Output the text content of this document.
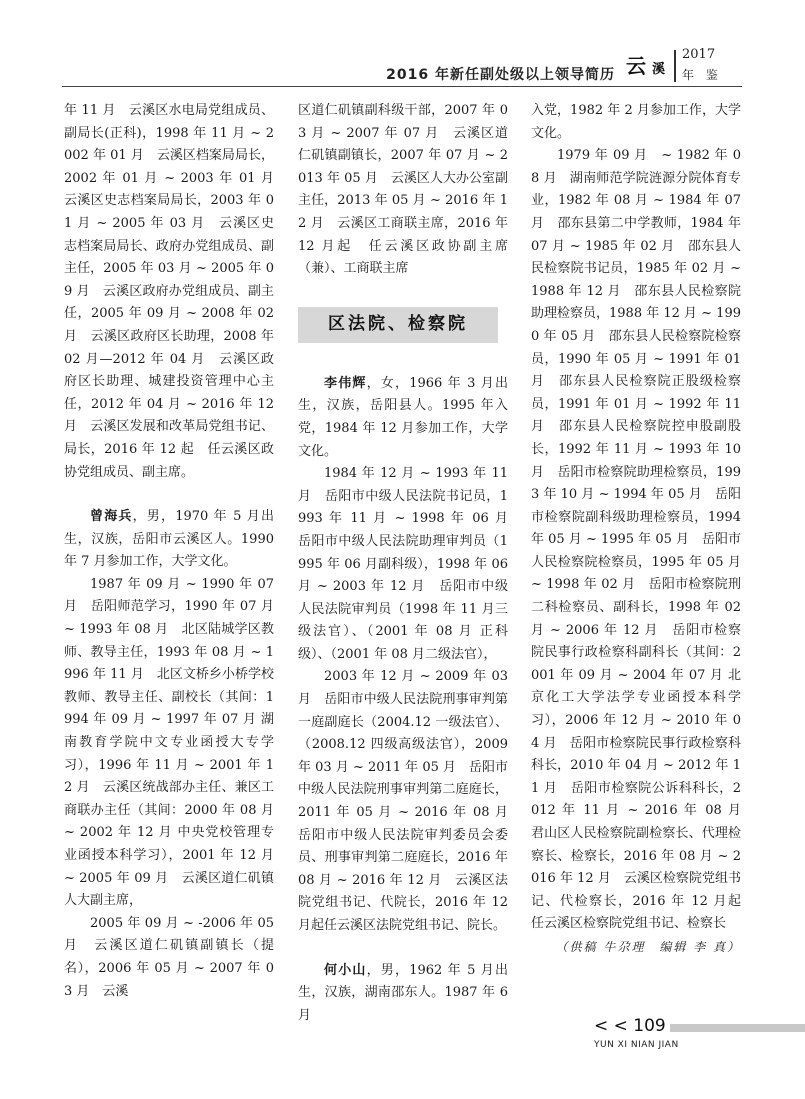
2016 年新任副处级以上领导简历 云 溪
2017
年 鉴

年 11 月　云溪区水电局党组成员、副局长(正科)，1998 年 11 月 ~ 2002 年 01 月　云溪区档案局局长，2002 年 01 月 ~ 2003 年 01 月　云溪区史志档案局局长，2003 年 01 月 ~ 2005 年 03 月　云溪区史志档案局局长、政府办党组成员、副主任，2005 年 03 月 ~ 2005 年 09 月　云溪区政府办党组成员、副主任，2005 年 09 月 ~ 2008 年 02 月　云溪区政府区长助理，2008 年 02 月—2012 年 04 月　云溪区政府区长助理、城建投资管理中心主任，2012 年 04 月 ~ 2016 年 12 月　云溪区发展和改革局党组书记、局长，2016 年 12 起　任云溪区政协党组成员、副主席。

曾海兵，男，1970 年 5 月出生，汉族，岳阳市云溪区人。1990 年 7 月参加工作，大学文化。

1987 年 09 月 ~ 1990 年 07 月　岳阳师范学习，1990 年 07 月 ~ 1993 年 08 月　北区陆城学区教师、教导主任，1993 年 08 月 ~ 1996 年 11 月　北区文桥乡小桥学校教师、教导主任、副校长（其间：1994 年 09 月 ~ 1997 年 07 月 湖南教育学院中文专业函授大专学习），1996 年 11 月 ~ 2001 年 12 月　云溪区统战部办主任、兼区工商联办主任（其间：2000 年 08 月 ~ 2002 年 12 月 中央党校管理专业函授本科学习），2001 年 12 月 ~ 2005 年 09 月　云溪区道仁矶镇人大副主席，

2005 年 09 月 ~ -2006 年 05 月　云溪区道仁矶镇副镇长（提名），2006 年 05 月 ~ 2007 年 03 月　云溪

区道仁矶镇副科级干部，2007 年 03 月 ~ 2007 年 07 月　云溪区道仁矶镇副镇长，2007 年 07 月 ~ 2013 年 05 月　云溪区人大办公室副主任，2013 年 05 月 ~ 2016 年 12 月　云溪区工商联主席，2016 年 12 月起　任云溪区政协副主席（兼）、工商联主席

区法院、检察院

李伟辉，女，1966 年 3 月出生，汉族，岳阳县人。1995 年入党，1984 年 12 月参加工作，大学文化。

1984 年 12 月 ~ 1993 年 11 月　岳阳市中级人民法院书记员，1993 年 11 月 ~ 1998 年 06 月　岳阳市中级人民法院助理审判员（1995 年 06 月副科级），1998 年 06 月 ~ 2003 年 12 月　岳阳市中级人民法院审判员（1998 年 11 月三级法官）、（2001 年 08 月 正科级）、（2001 年 08 月二级法官），

2003 年 12 月 ~ 2009 年 03 月　岳阳市中级人民法院刑事审判第一庭副庭长（2004.12 一级法官）、（2008.12 四级高级法官），2009 年 03 月 ~ 2011 年 05 月　岳阳市中级人民法院刑事审判第二庭庭长，2011 年 05 月 ~ 2016 年 08 月　岳阳市中级人民法院审判委员会委员、刑事审判第二庭庭长，2016 年 08 月 ~ 2016 年 12 月　云溪区法院党组书记、代院长，2016 年 12 月起任云溪区法院党组书记、院长。

何小山，男，1962 年 5 月出生，汉族，湖南邵东人。1987 年 6 月

入党，1982 年 2 月参加工作，大学文化。

1979 年 09 月　~ 1982 年 08 月　湖南师范学院涟源分院体育专业，1982 年 08 月 ~ 1984 年 07 月　邵东县第二中学教师，1984 年 07 月 ~ 1985 年 02 月　邵东县人民检察院书记员，1985 年 02 月 ~ 1988 年 12 月　邵东县人民检察院助理检察员，1988 年 12 月 ~ 1990 年 05 月　邵东县人民检察院检察员，1990 年 05 月 ~ 1991 年 01 月　邵东县人民检察院正股级检察员，1991 年 01 月 ~ 1992 年 11 月　邵东县人民检察院控申股副股长，1992 年 11 月 ~ 1993 年 10 月　岳阳市检察院助理检察员，1993 年 10 月 ~ 1994 年 05 月　岳阳市检察院副科级助理检察员，1994 年 05 月 ~ 1995 年 05 月　岳阳市人民检察院检察员，1995 年 05 月 ~ 1998 年 02 月　岳阳市检察院刑二科检察员、副科长，1998 年 02 月 ~ 2006 年 12 月　岳阳市检察院民事行政检察科副科长（其间：2001 年 09 月 ~ 2004 年 07 月 北京化工大学法学专业函授本科学习），2006 年 12 月 ~ 2010 年 04 月　岳阳市检察院民事行政检察科科长，2010 年 04 月 ~ 2012 年 11 月　岳阳市检察院公诉科科长，2012 年 11 月 ~ 2016 年 08 月　君山区人民检察院副检察长、代理检察长、检察长，2016 年 08 月 ~ 2016 年 12 月　云溪区检察院党组书记、代检察长，2016 年 12 月起　任云溪区检察院党组书记、检察长

（供稿 牛尕理　编辑 李 真）

< < 109
YUN XI NIAN JIAN
